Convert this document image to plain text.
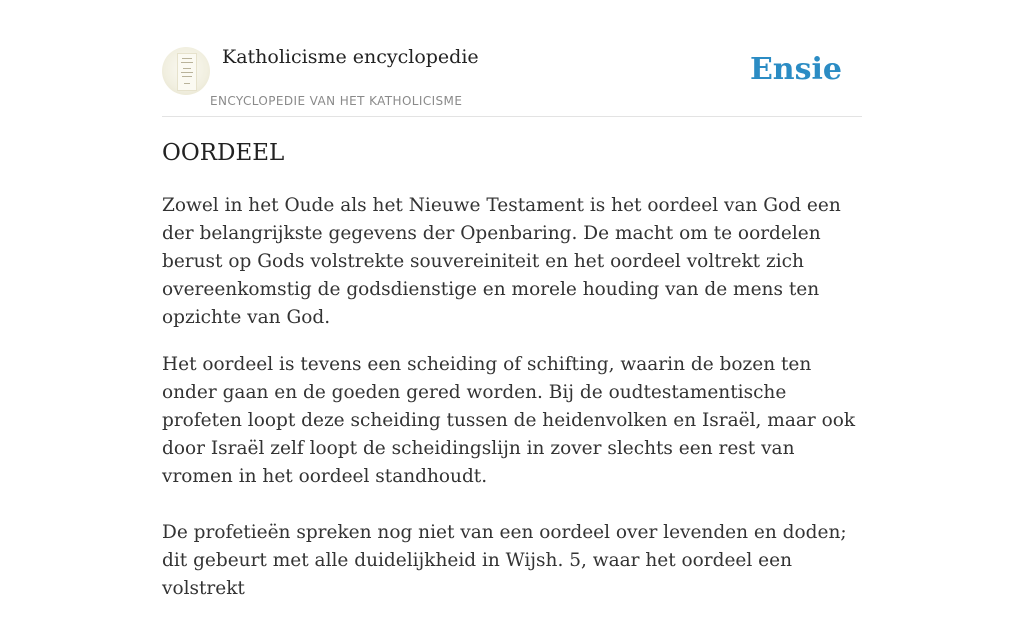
Katholicisme encyclopedie
ENCYCLOPEDIE VAN HET KATHOLICISME
Ensie
OORDEEL

Zowel in het Oude als het Nieuwe Testament is het oordeel van God een der belangrijkste gegevens der Openbaring. De macht om te oordelen berust op Gods volstrekte souvereiniteit en het oordeel voltrekt zich overeenkomstig de godsdienstige en morele houding van de mens ten opzichte van God.

Het oordeel is tevens een scheiding of schifting, waarin de bozen ten onder gaan en de goeden gered worden. Bij de oudtestamentische profeten loopt deze scheiding tussen de heidenvolken en Israël, maar ook door Israël zelf loopt de scheidingslijn in zover slechts een rest van vromen in het oordeel standhoudt.

De profetieën spreken nog niet van een oordeel over levenden en doden; dit gebeurt met alle duidelijkheid in Wijsh. 5, waar het oordeel een volstrekt
